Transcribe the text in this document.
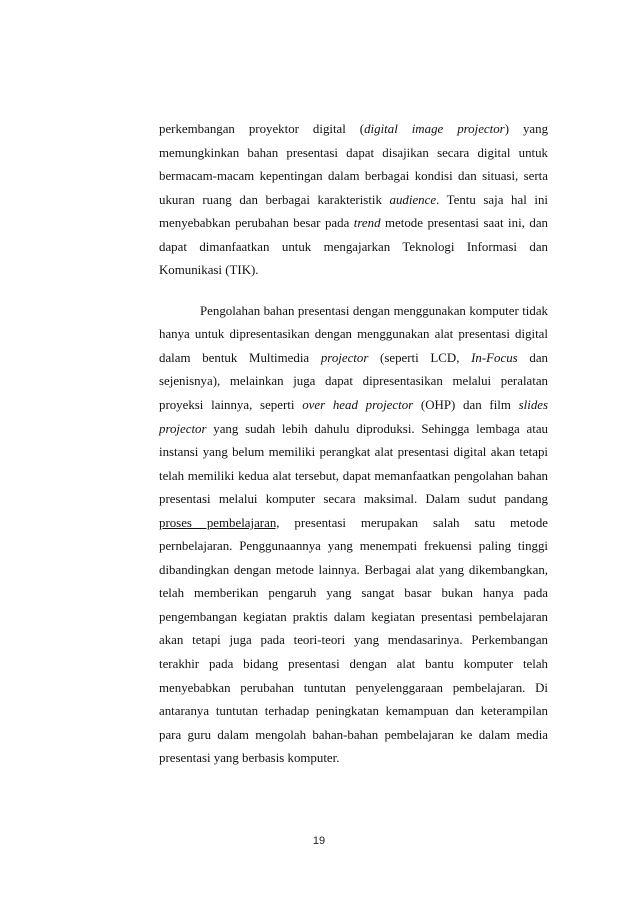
perkembangan proyektor digital (digital image projector) yang memungkinkan bahan presentasi dapat disajikan secara digital untuk bermacam-macam kepentingan dalam berbagai kondisi dan situasi, serta ukuran ruang dan berbagai karakteristik audience. Tentu saja hal ini menyebabkan perubahan besar pada trend metode presentasi saat ini, dan dapat dimanfaatkan untuk mengajarkan Teknologi Informasi dan Komunikasi (TIK).

Pengolahan bahan presentasi dengan menggunakan komputer tidak hanya untuk dipresentasikan dengan menggunakan alat presentasi digital dalam bentuk Multimedia projector (seperti LCD, In-Focus dan sejenisnya), melainkan juga dapat dipresentasikan melalui peralatan proyeksi lainnya, seperti over head projector (OHP) dan film slides projector yang sudah lebih dahulu diproduksi. Sehingga lembaga atau instansi yang belum memiliki perangkat alat presentasi digital akan tetapi telah memiliki kedua alat tersebut, dapat memanfaatkan pengolahan bahan presentasi melalui komputer secara maksimal. Dalam sudut pandang proses pembelajaran, presentasi merupakan salah satu metode pernbelajaran. Penggunaannya yang menempati frekuensi paling tinggi dibandingkan dengan metode lainnya. Berbagai alat yang dikembangkan, telah memberikan pengaruh yang sangat basar bukan hanya pada pengembangan kegiatan praktis dalam kegiatan presentasi pembelajaran akan tetapi juga pada teori-teori yang mendasarinya. Perkembangan terakhir pada bidang presentasi dengan alat bantu komputer telah menyebabkan perubahan tuntutan penyelenggaraan pembelajaran. Di antaranya tuntutan terhadap peningkatan kemampuan dan keterampilan para guru dalam mengolah bahan-bahan pembelajaran ke dalam media presentasi yang berbasis komputer.

19
